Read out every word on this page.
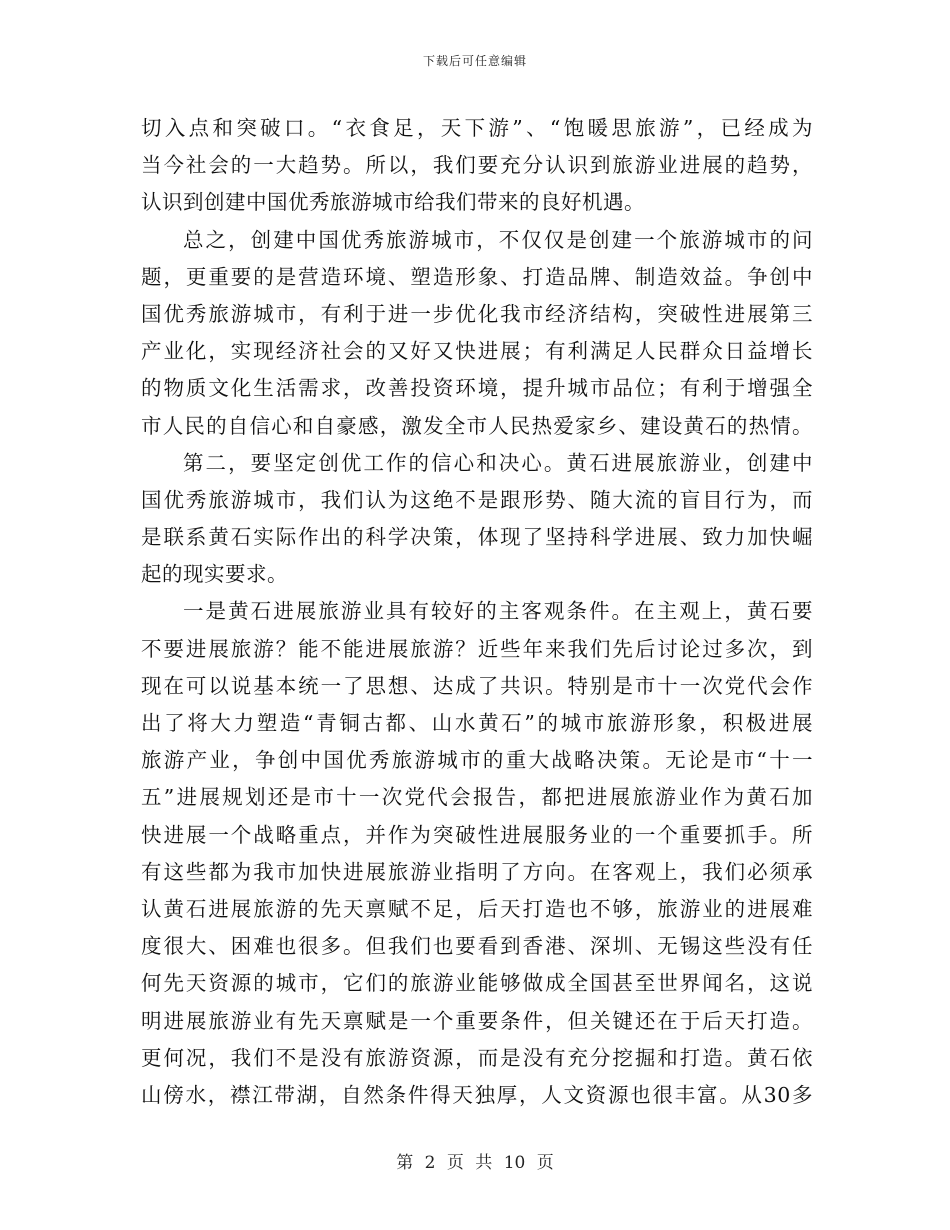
下载后可任意编辑
切入点和突破口。“衣食足，天下游”、“饱暖思旅游”，已经成为
当今社会的一大趋势。所以，我们要充分认识到旅游业进展的趋势，
认识到创建中国优秀旅游城市给我们带来的良好机遇。
总之，创建中国优秀旅游城市，不仅仅是创建一个旅游城市的问
题，更重要的是营造环境、塑造形象、打造品牌、制造效益。争创中
国优秀旅游城市，有利于进一步优化我市经济结构，突破性进展第三
产业化，实现经济社会的又好又快进展；有利满足人民群众日益增长
的物质文化生活需求，改善投资环境，提升城市品位；有利于增强全
市人民的自信心和自豪感，激发全市人民热爱家乡、建设黄石的热情。
第二，要坚定创优工作的信心和决心。黄石进展旅游业，创建中
国优秀旅游城市，我们认为这绝不是跟形势、随大流的盲目行为，而
是联系黄石实际作出的科学决策，体现了坚持科学进展、致力加快崛
起的现实要求。
一是黄石进展旅游业具有较好的主客观条件。在主观上，黄石要
不要进展旅游？能不能进展旅游？近些年来我们先后讨论过多次，到
现在可以说基本统一了思想、达成了共识。特别是市十一次党代会作
出了将大力塑造“青铜古都、山水黄石”的城市旅游形象，积极进展
旅游产业，争创中国优秀旅游城市的重大战略决策。无论是市“十一
五”进展规划还是市十一次党代会报告，都把进展旅游业作为黄石加
快进展一个战略重点，并作为突破性进展服务业的一个重要抓手。所
有这些都为我市加快进展旅游业指明了方向。在客观上，我们必须承
认黄石进展旅游的先天禀赋不足，后天打造也不够，旅游业的进展难
度很大、困难也很多。但我们也要看到香港、深圳、无锡这些没有任
何先天资源的城市，它们的旅游业能够做成全国甚至世界闻名，这说
明进展旅游业有先天禀赋是一个重要条件，但关键还在于后天打造。
更何况，我们不是没有旅游资源，而是没有充分挖掘和打造。黄石依
山傍水，襟江带湖，自然条件得天独厚，人文资源也很丰富。从30多
第 2 页 共 10 页
